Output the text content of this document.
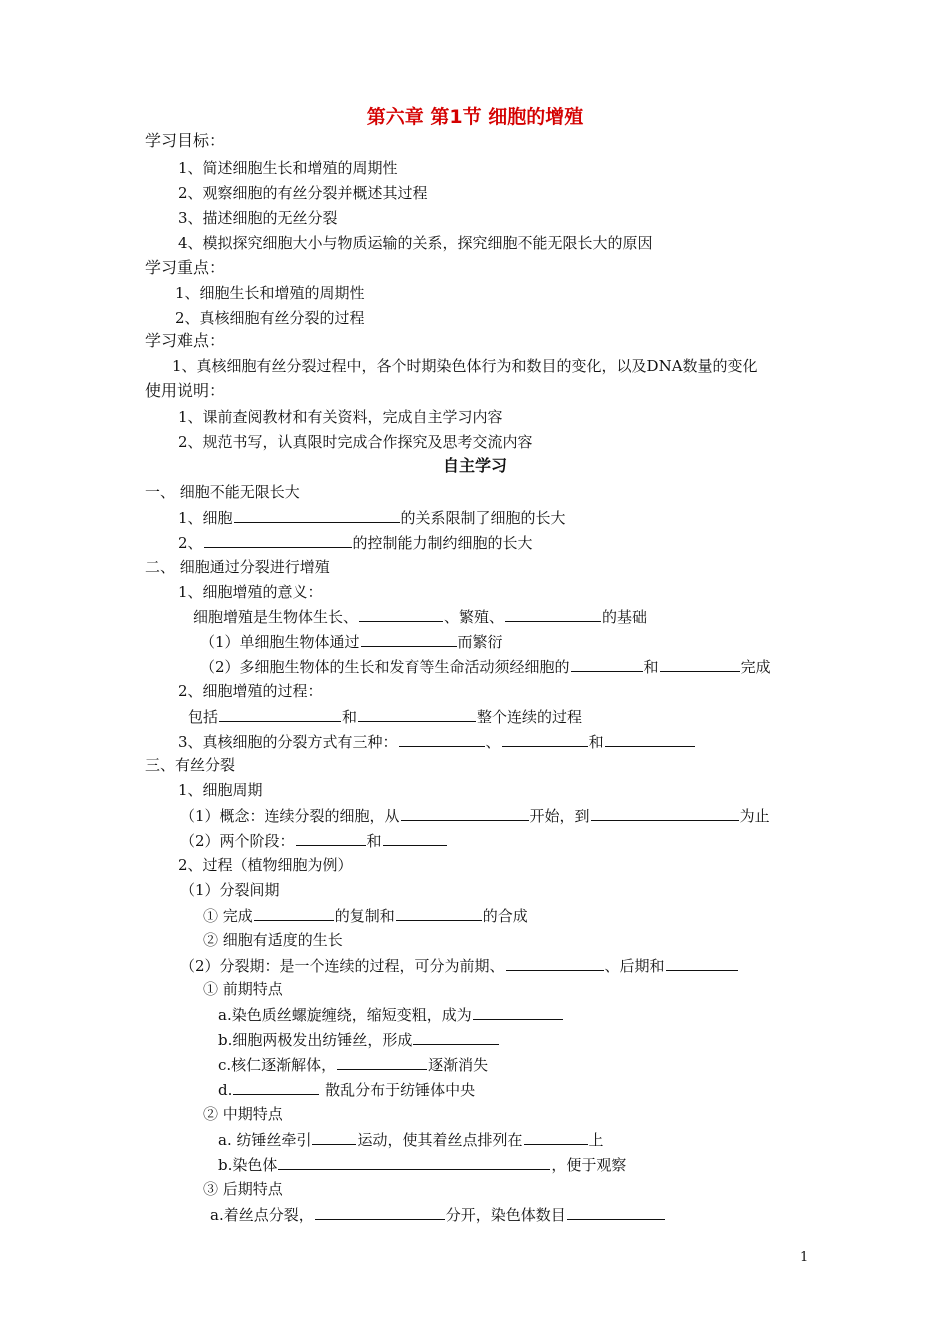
第六章 第1节 细胞的增殖
学习目标：
1、简述细胞生长和增殖的周期性
2、观察细胞的有丝分裂并概述其过程
3、描述细胞的无丝分裂
4、模拟探究细胞大小与物质运输的关系，探究细胞不能无限长大的原因
学习重点：
1、细胞生长和增殖的周期性
2、真核细胞有丝分裂的过程
学习难点：
1、真核细胞有丝分裂过程中，各个时期染色体行为和数目的变化，以及DNA数量的变化
使用说明：
1、课前查阅教材和有关资料，完成自主学习内容
2、规范书写，认真限时完成合作探究及思考交流内容
自主学习
一、 细胞不能无限长大
1、细胞	的关系限制了细胞的长大
2、	的控制能力制约细胞的长大
二、 细胞通过分裂进行增殖
1、细胞增殖的意义：
细胞增殖是生物体生长、	、繁殖、	的基础
（1）单细胞生物体通过	而繁衍
（2）多细胞生物体的生长和发育等生命活动须经细胞的	和	完成
2、细胞增殖的过程：
包括	和	整个连续的过程
3、真核细胞的分裂方式有三种：	、	和
三、有丝分裂
1、细胞周期
（1）概念：连续分裂的细胞，从	开始，到	为止
（2）两个阶段：	和
2、过程（植物细胞为例）
（1）分裂间期
① 完成	的复制和	的合成
② 细胞有适度的生长
（2）分裂期：是一个连续的过程，可分为前期、	、后期和
① 前期特点
a.染色质丝螺旋缠绕，缩短变粗，成为
b.细胞两极发出纺锤丝，形成
c.核仁逐渐解体，	逐渐消失
d.	散乱分布于纺锤体中央
② 中期特点
a. 纺锤丝牵引	运动，使其着丝点排列在	上
b.染色体	，便于观察
③ 后期特点
a.着丝点分裂，	分开，染色体数目
1
